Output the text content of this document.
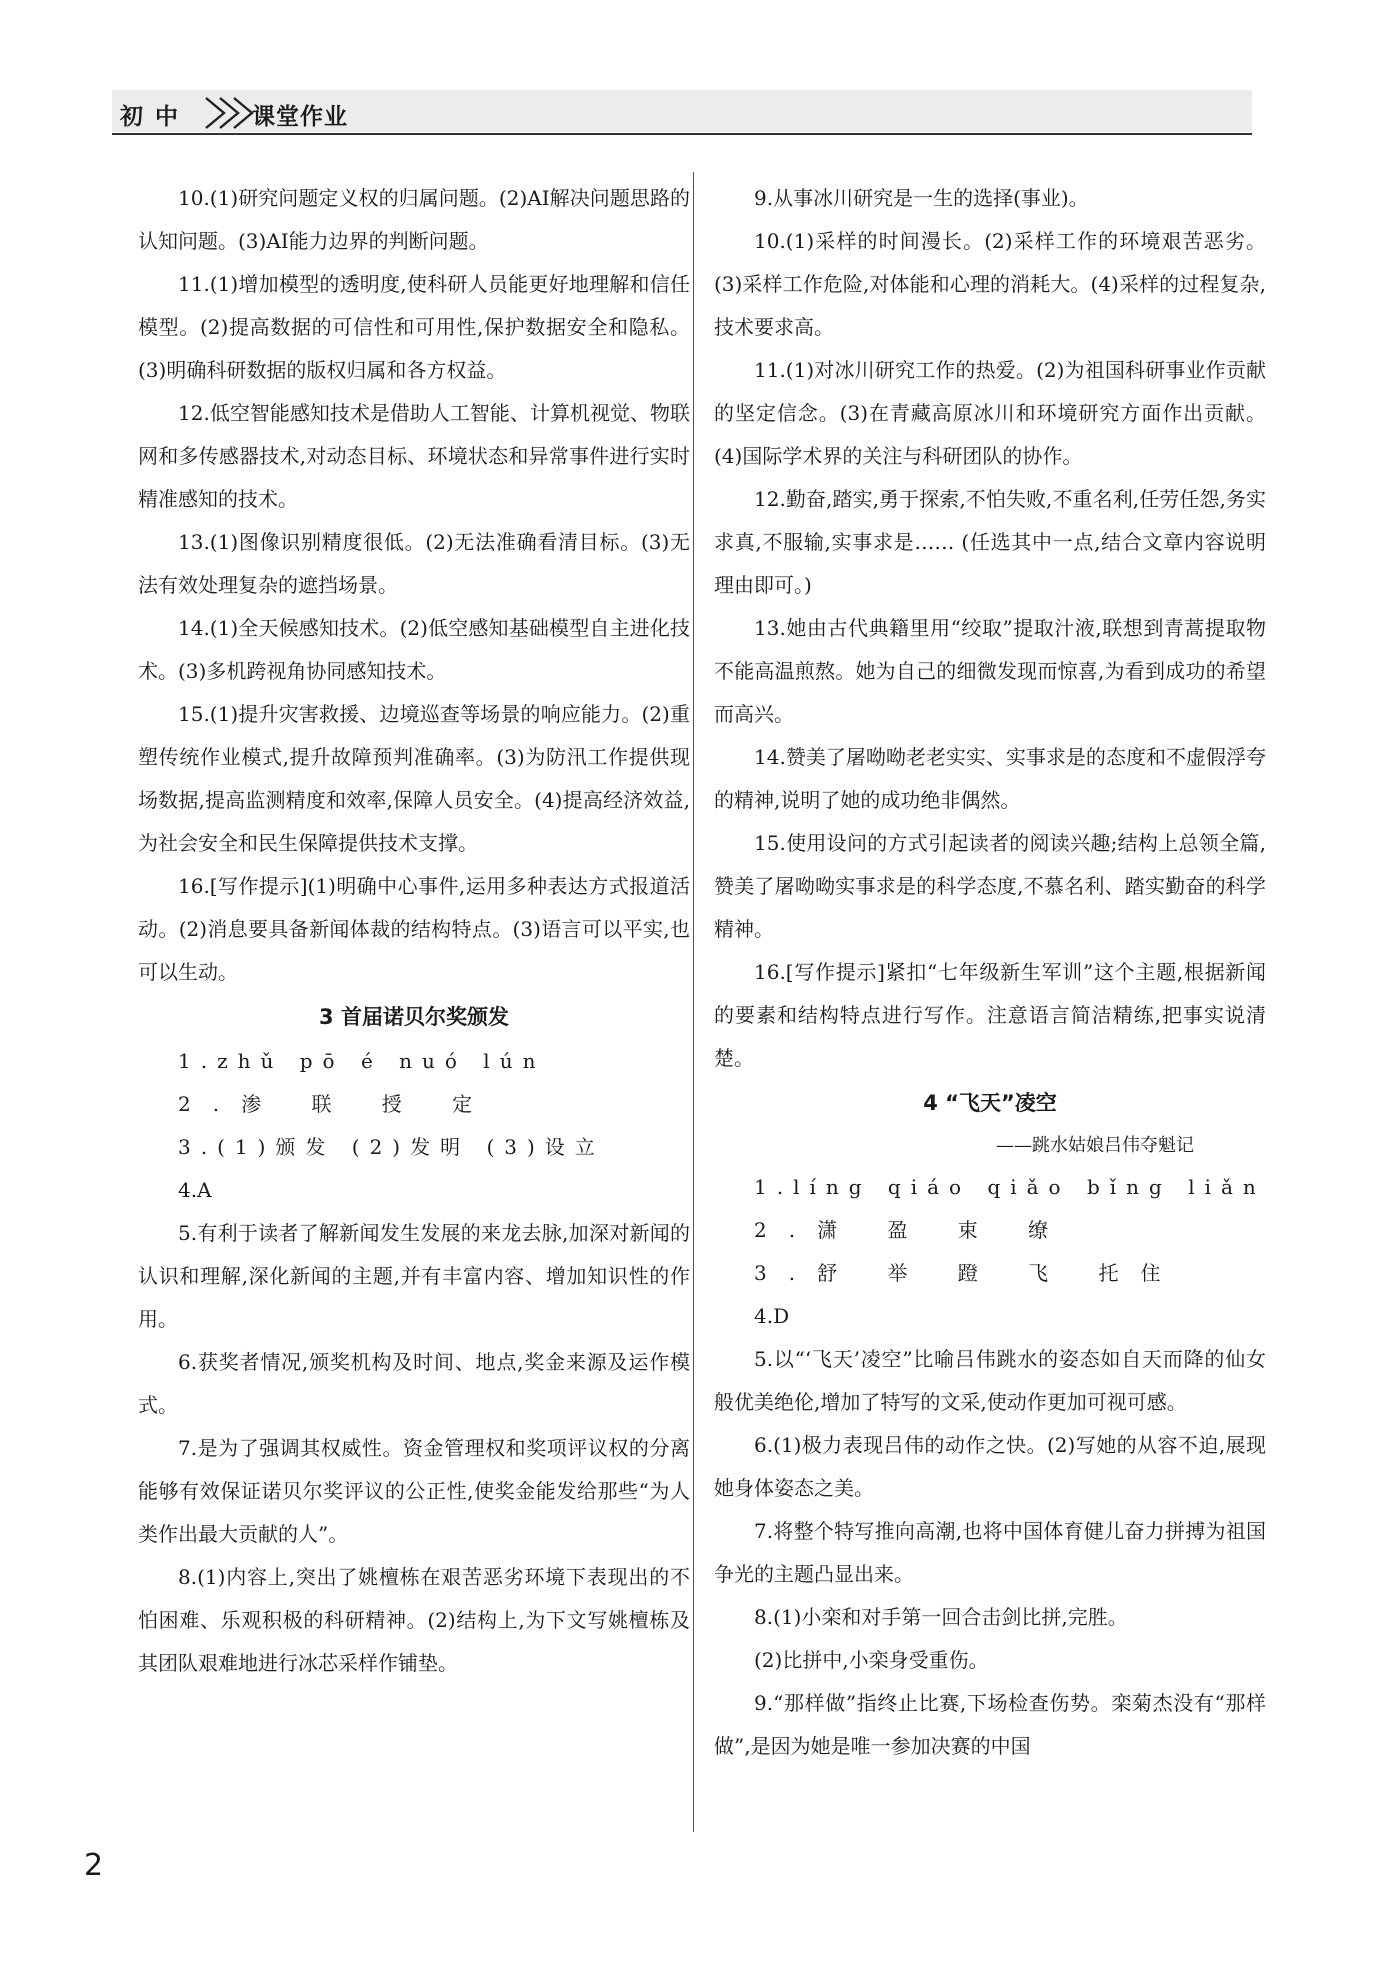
初 中	课堂作业

10.(1)研究问题定义权的归属问题。(2)AI解决问题思路的认知问题。(3)AI能力边界的判断问题。

11.(1)增加模型的透明度,使科研人员能更好地理解和信任模型。(2)提高数据的可信性和可用性,保护数据安全和隐私。(3)明确科研数据的版权归属和各方权益。

12.低空智能感知技术是借助人工智能、计算机视觉、物联网和多传感器技术,对动态目标、环境状态和异常事件进行实时精准感知的技术。

13.(1)图像识别精度很低。(2)无法准确看清目标。(3)无法有效处理复杂的遮挡场景。

14.(1)全天候感知技术。(2)低空感知基础模型自主进化技术。(3)多机跨视角协同感知技术。

15.(1)提升灾害救援、边境巡查等场景的响应能力。(2)重塑传统作业模式,提升故障预判准确率。(3)为防汛工作提供现场数据,提高监测精度和效率,保障人员安全。(4)提高经济效益,为社会安全和民生保障提供技术支撑。

16.[写作提示](1)明确中心事件,运用多种表达方式报道活动。(2)消息要具备新闻体裁的结构特点。(3)语言可以平实,也可以生动。

3 首届诺贝尔奖颁发

1.zhǔ pō é nuó lún

2.渗 联 授 定

3.(1)颁发 (2)发明 (3)设立

4.A

5.有利于读者了解新闻发生发展的来龙去脉,加深对新闻的认识和理解,深化新闻的主题,并有丰富内容、增加知识性的作用。

6.获奖者情况,颁奖机构及时间、地点,奖金来源及运作模式。

7.是为了强调其权威性。资金管理权和奖项评议权的分离能够有效保证诺贝尔奖评议的公正性,使奖金能发给那些“为人类作出最大贡献的人”。

8.(1)内容上,突出了姚檀栋在艰苦恶劣环境下表现出的不怕困难、乐观积极的科研精神。(2)结构上,为下文写姚檀栋及其团队艰难地进行冰芯采样作铺垫。

9.从事冰川研究是一生的选择(事业)。

10.(1)采样的时间漫长。(2)采样工作的环境艰苦恶劣。(3)采样工作危险,对体能和心理的消耗大。(4)采样的过程复杂,技术要求高。

11.(1)对冰川研究工作的热爱。(2)为祖国科研事业作贡献的坚定信念。(3)在青藏高原冰川和环境研究方面作出贡献。(4)国际学术界的关注与科研团队的协作。

12.勤奋,踏实,勇于探索,不怕失败,不重名利,任劳任怨,务实求真,不服输,实事求是…… (任选其中一点,结合文章内容说明理由即可。)

13.她由古代典籍里用“绞取”提取汁液,联想到青蒿提取物不能高温煎熬。她为自己的细微发现而惊喜,为看到成功的希望而高兴。

14.赞美了屠呦呦老老实实、实事求是的态度和不虚假浮夸的精神,说明了她的成功绝非偶然。

15.使用设问的方式引起读者的阅读兴趣;结构上总领全篇,赞美了屠呦呦实事求是的科学态度,不慕名利、踏实勤奋的科学精神。

16.[写作提示]紧扣“七年级新生军训”这个主题,根据新闻的要素和结构特点进行写作。注意语言简洁精练,把事实说清楚。

4 “飞天”凌空
——跳水姑娘吕伟夺魁记

1.líng qiáo qiǎo bǐng liǎn

2.潇 盈 束 缭

3.舒 举 蹬 飞 托住

4.D

5.以“‘飞天’凌空”比喻吕伟跳水的姿态如自天而降的仙女般优美绝伦,增加了特写的文采,使动作更加可视可感。

6.(1)极力表现吕伟的动作之快。(2)写她的从容不迫,展现她身体姿态之美。

7.将整个特写推向高潮,也将中国体育健儿奋力拼搏为祖国争光的主题凸显出来。

8.(1)小栾和对手第一回合击剑比拼,完胜。

(2)比拼中,小栾身受重伤。

9.“那样做”指终止比赛,下场检查伤势。栾菊杰没有“那样做”,是因为她是唯一参加决赛的中国

2
